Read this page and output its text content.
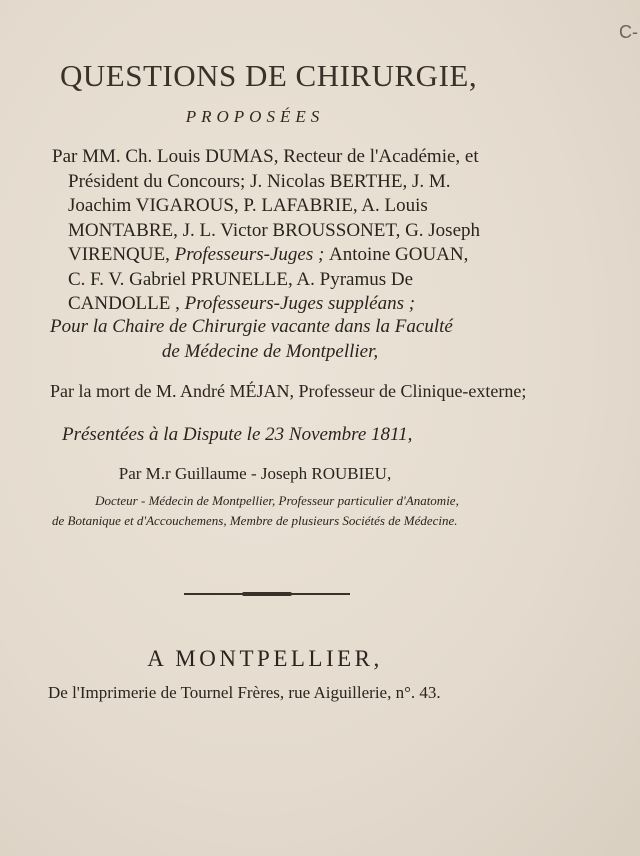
C-
QUESTIONS DE CHIRURGIE,
PROPOSÉES
Par MM. Ch. Louis DUMAS, Recteur de l'Académie, et
Président du Concours; J. Nicolas BERTHE, J. M.
Joachim VIGAROUS, P. LAFABRIE, A. Louis
MONTABRE, J. L. Victor BROUSSONET, G. Joseph
VIRENQUE, Professeurs-Juges ; Antoine GOUAN,
C. F. V. Gabriel PRUNELLE, A. Pyramus De
CANDOLLE , Professeurs-Juges suppléans ;
Pour la Chaire de Chirurgie vacante dans la Faculté
de Médecine de Montpellier,
Par la mort de M. André MÉJAN, Professeur de Clinique-externe;
Présentées à la Dispute le 23 Novembre 1811,
Par M.r Guillaume - Joseph ROUBIEU,
Docteur - Médecin de Montpellier, Professeur particulier d'Anatomie,
de Botanique et d'Accouchemens, Membre de plusieurs Sociétés de Médecine.
A MONTPELLIER,
De l'Imprimerie de Tournel Frères, rue Aiguillerie, n°. 43.
